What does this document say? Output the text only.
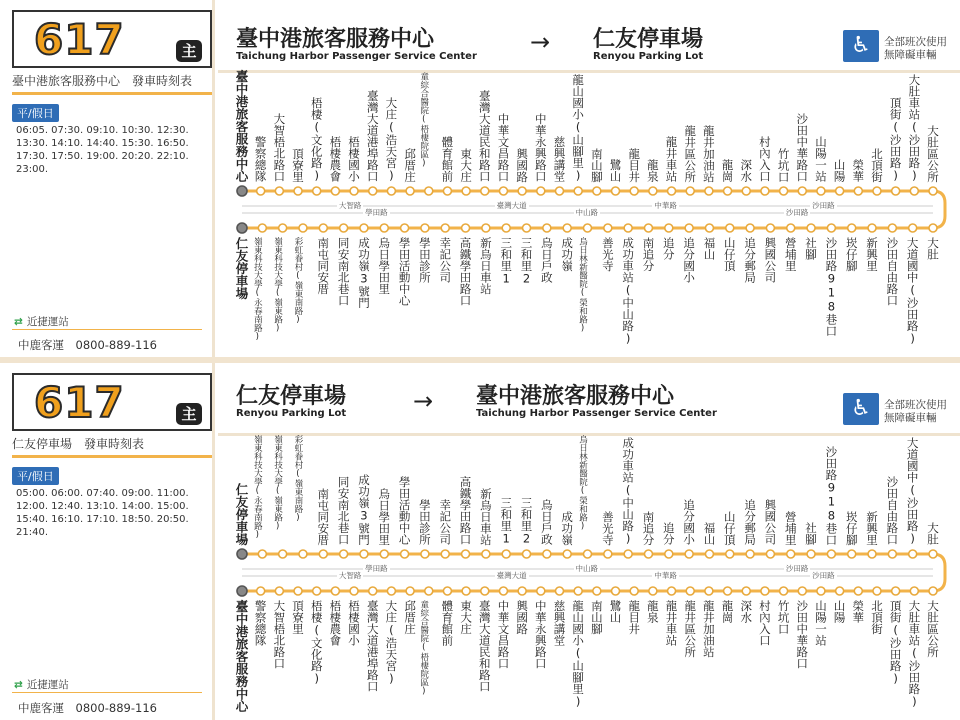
617	主
臺中港旅客服務中心　發車時刻表
平/假日
06:05. 07:30. 09:10. 10:30. 12:30.
13:30. 14:10. 14:40. 15:30. 16:50.
17:30. 17:50. 19:00. 20:20. 22:10.
23:00.
⇄ 近捷運站
中鹿客運　0800-889-116
臺中港旅客服務中心
Taichung Harbor Passenger Service Center
→ 仁友停車場
Renyou Parking Lot	♿	全部班次使用
無障礙車輛
臺中港旅客服務中心 警察總隊 大智梧北路口 頂寮里 梧棲(文化路) 梧棲農會 梧棲國小 臺灣大道港埠路口 大庄(浩天宮) 邱厝庄 童綜合醫院(梧棲院區) 體育館前 東大庄 臺灣大道民和路口 中華文昌路口 興國路 中華永興路口 慈興講堂 龍山國小(山腳里) 南山腳 鷺山 龍目井 龍泉 龍井車站 龍井區公所 龍井加油站 龍崗 深水 村內入口 竹坑口 沙田中華路口 山陽一站 山陽 榮華 北頂街 頂街(沙田路) 大肚車站(沙田路) 大肚區公所
仁友停車場 嶺東科技大學(永春南路) 嶺東科技大學(嶺東路) 彩虹眷村(嶺東南路) 南屯同安厝 同安南北巷口 成功嶺3號門 烏日學田里 學田活動中心 學田診所 幸記公司 高鐵學田路口 新烏日車站 三和里1 三和里2 烏日戶政 成功嶺 烏日林新醫院(榮和路) 善光寺 成功車站(中山路) 南追分 追分 追分國小 福山 山仔頂 追分郵局 興國公司 營埔里 社腳 沙田路918巷口 崁仔腳 新興里 沙田自由路口 大道國中(沙田路) 大肚
大智路	臺灣大道	中華路	沙田路
學田路	中山路	沙田路
617	主
仁友停車場　發車時刻表
平/假日
05:00. 06:00. 07:40. 09:00. 11:00.
12:00. 12:40. 13:10. 14:00. 15:00.
15:40. 16:10. 17:10. 18:50. 20:50.
21:40.
⇄ 近捷運站
中鹿客運　0800-889-116
仁友停車場
Renyou Parking Lot	→ 臺中港旅客服務中心
Taichung Harbor Passenger Service Center	♿	全部班次使用
無障礙車輛
仁友停車場 嶺東科技大學(永春南路) 嶺東科技大學(嶺東路) 彩虹眷村(嶺東南路) 南屯同安厝 同安南北巷口 成功嶺3號門 烏日學田里 學田活動中心 學田診所 幸記公司 高鐵學田路口 新烏日車站 三和里1 三和里2 烏日戶政 成功嶺 烏日林新醫院(榮和路) 善光寺 成功車站(中山路) 南追分 追分 追分國小 福山 山仔頂 追分郵局 興國公司 營埔里 社腳 沙田路918巷口 崁仔腳 新興里 沙田自由路口 大道國中(沙田路) 大肚
臺中港旅客服務中心 警察總隊 大智梧北路口 頂寮里 梧棲(文化路) 梧棲農會 梧棲國小 臺灣大道港埠路口 大庄(浩天宮) 邱厝庄 童綜合醫院(梧棲院區) 體育館前 東大庄 臺灣大道民和路口 中華文昌路口 興國路 中華永興路口 慈興講堂 龍山國小(山腳里) 南山腳 鷺山 龍目井 龍泉 龍井車站 龍井區公所 龍井加油站 龍崗 深水 村內入口 竹坑口 沙田中華路口 山陽一站 山陽 榮華 北頂街 頂街(沙田路) 大肚車站(沙田路) 大肚區公所
學田路	中山路	沙田路
大智路	臺灣大道	中華路	沙田路
